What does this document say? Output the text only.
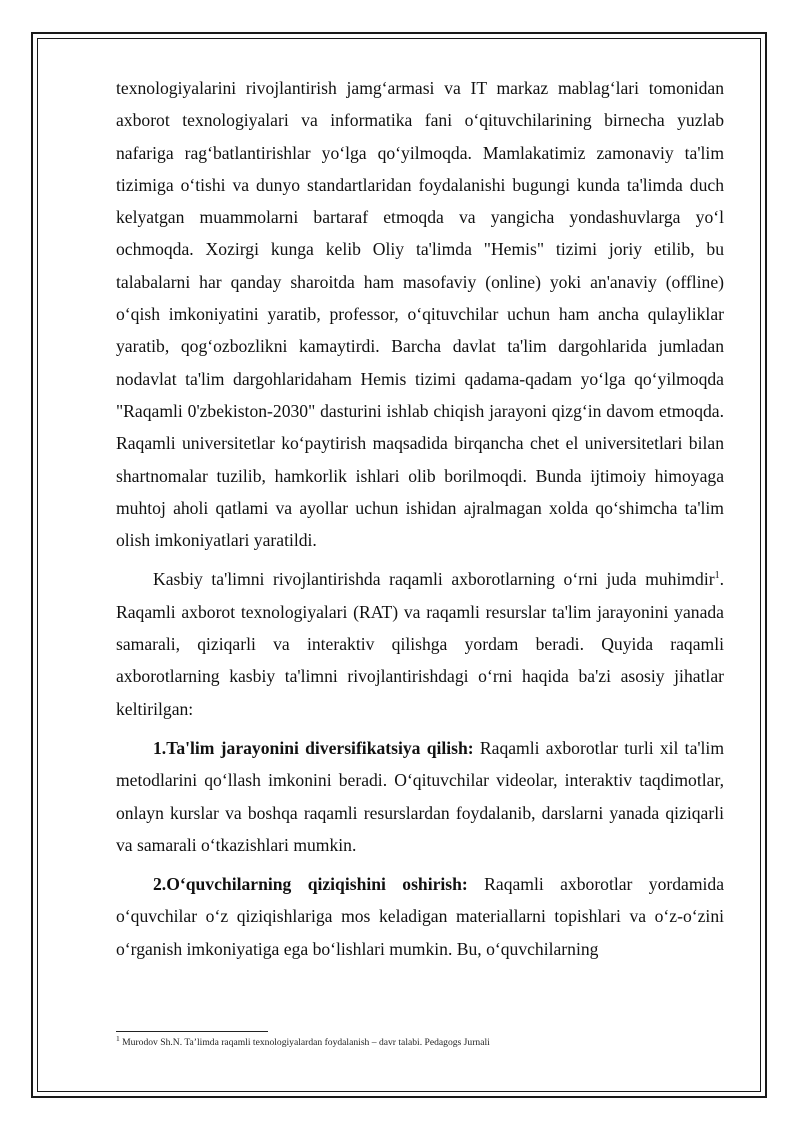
texnologiyalarini rivojlantirish jamg‘armasi va IT markaz mablag‘lari tomonidan axborot texnologiyalari va informatika fani o‘qituvchilarining birnecha yuzlab nafariga rag‘batlantirishlar yo‘lga qo‘yilmoqda. Mamlakatimiz zamonaviy ta'lim tizimiga o‘tishi va dunyo standartlaridan foydalanishi bugungi kunda ta'limda duch kelyatgan muammolarni bartaraf etmoqda va yangicha yondashuvlarga yo‘l ochmoqda. Xozirgi kunga kelib Oliy ta'limda "Hemis" tizimi joriy etilib, bu talabalarni har qanday sharoitda ham masofaviy (online) yoki an'anaviy (offline) o‘qish imkoniyatini yaratib, professor, o‘qituvchilar uchun ham ancha qulayliklar yaratib, qog‘ozbozlikni kamaytirdi. Barcha davlat ta'lim dargohlarida jumladan nodavlat ta'lim dargohlaridaham Hemis tizimi qadama-qadam yo‘lga qo‘yilmoqda "Raqamli 0'zbekiston-2030" dasturini ishlab chiqish jarayoni qizg‘in davom etmoqda. Raqamli universitetlar ko‘paytirish maqsadida birqancha chet el universitetlari bilan shartnomalar tuzilib, hamkorlik ishlari olib borilmoqdi. Bunda ijtimoiy himoyaga muhtoj aholi qatlami va ayollar uchun ishidan ajralmagan xolda qo‘shimcha ta'lim olish imkoniyatlari yaratildi.

Kasbiy ta'limni rivojlantirishda raqamli axborotlarning o‘rni juda muhimdir$^1$. Raqamli axborot texnologiyalari (RAT) va raqamli resurslar ta'lim jarayonini yanada samarali, qiziqarli va interaktiv qilishga yordam beradi. Quyida raqamli axborotlarning kasbiy ta'limni rivojlantirishdagi o‘rni haqida ba'zi asosiy jihatlar keltirilgan:

1.Ta'lim jarayonini diversifikatsiya qilish: Raqamli axborotlar turli xil ta'lim metodlarini qo‘llash imkonini beradi. O‘qituvchilar videolar, interaktiv taqdimotlar, onlayn kurslar va boshqa raqamli resurslardan foydalanib, darslarni yanada qiziqarli va samarali o‘tkazishlari mumkin.

2.O‘quvchilarning qiziqishini oshirish: Raqamli axborotlar yordamida o‘quvchilar o‘z qiziqishlariga mos keladigan materiallarni topishlari va o‘z-o‘zini o‘rganish imkoniyatiga ega bo‘lishlari mumkin. Bu, o‘quvchilarning

$^1$ Murodov Sh.N. Ta’limda raqamli texnologiyalardan foydalanish – davr talabi. Pedagogs Jurnali
